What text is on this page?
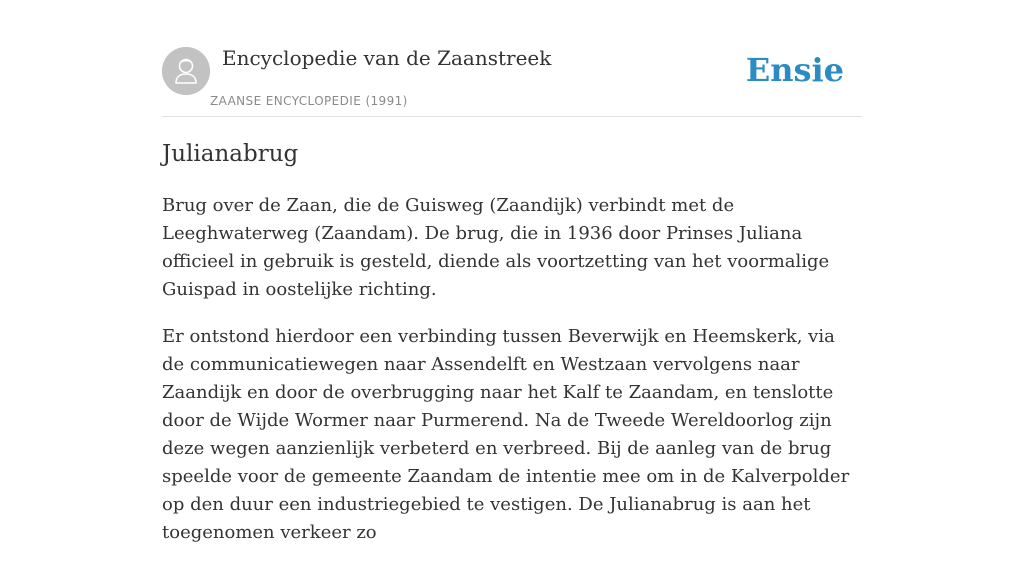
Encyclopedie van de Zaanstreek
ZAANSE ENCYCLOPEDIE (1991)
Ensie
Julianabrug

Brug over de Zaan, die de Guisweg (Zaandijk) verbindt met de Leeghwaterweg (Zaandam). De brug, die in 1936 door Prinses Juliana officieel in gebruik is gesteld, diende als voortzetting van het voormalige Guispad in oostelijke richting.

Er ontstond hierdoor een verbinding tussen Beverwijk en Heemskerk, via de communicatiewegen naar Assendelft en Westzaan vervolgens naar Zaandijk en door de overbrugging naar het Kalf te Zaandam, en tenslotte door de Wijde Wormer naar Purmerend. Na de Tweede Wereldoorlog zijn deze wegen aanzienlijk verbeterd en verbreed. Bij de aanleg van de brug speelde voor de gemeente Zaandam de intentie mee om in de Kalverpolder op den duur een industriegebied te vestigen. De Julianabrug is aan het toegenomen verkeer zo
